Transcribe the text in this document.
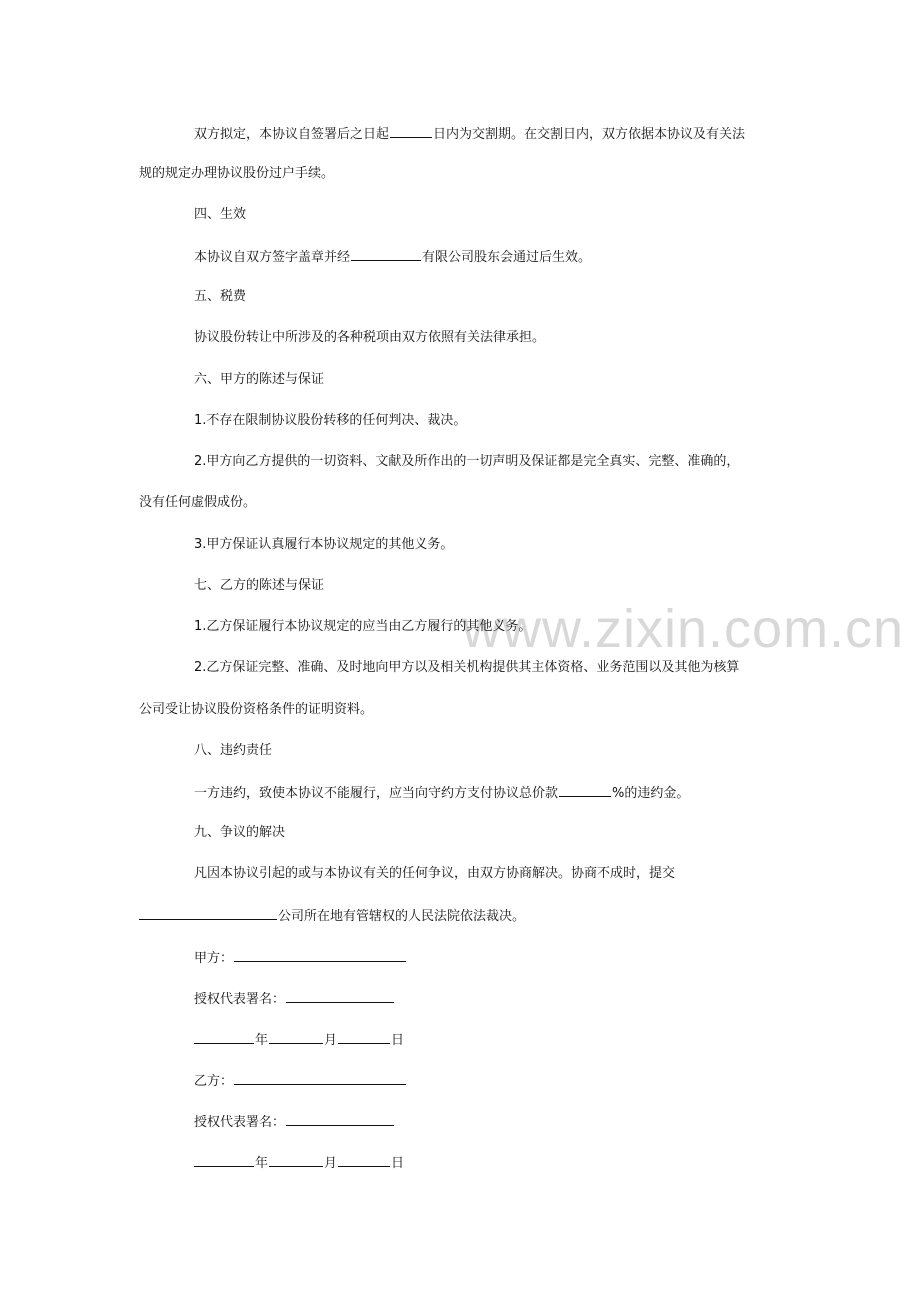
www.zixin.com.cn
双方拟定，本协议自签署后之日起	日内为交割期。在交割日内，双方依据本协议及有关法
规的规定办理协议股份过户手续。
四、生效
本协议自双方签字盖章并经	有限公司股东会通过后生效。
五、税费
协议股份转让中所涉及的各种税项由双方依照有关法律承担。
六、甲方的陈述与保证
1.不存在限制协议股份转移的任何判决、裁决。
2.甲方向乙方提供的一切资料、文献及所作出的一切声明及保证都是完全真实、完整、准确的，
没有任何虚假成份。
3.甲方保证认真履行本协议规定的其他义务。
七、乙方的陈述与保证
1.乙方保证履行本协议规定的应当由乙方履行的其他义务。
2.乙方保证完整、准确、及时地向甲方以及相关机构提供其主体资格、业务范围以及其他为核算
公司受让协议股份资格条件的证明资料。
八、违约责任
一方违约，致使本协议不能履行，应当向守约方支付协议总价款	%的违约金。
九、争议的解决
凡因本协议引起的或与本协议有关的任何争议，由双方协商解决。协商不成时，提交
公司所在地有管辖权的人民法院依法裁决。
甲方：
授权代表署名：
年	月	日
乙方：
授权代表署名：
年	月	日
